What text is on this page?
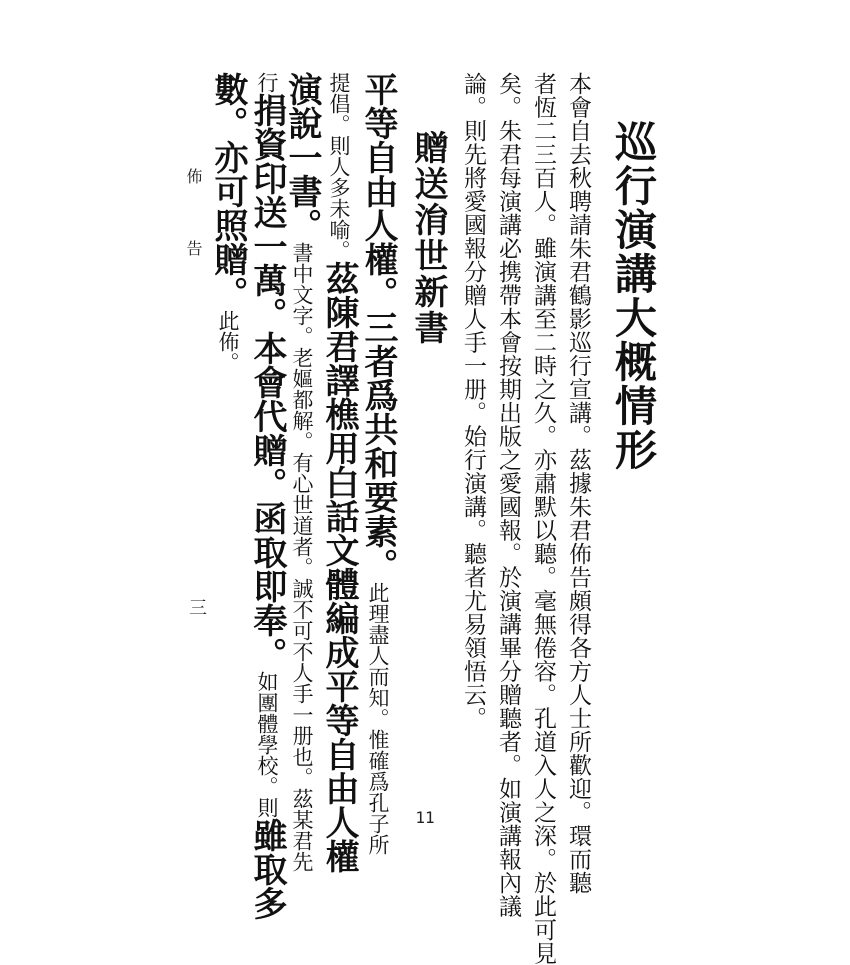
巡行演講大概情形
本會自去秋聘請朱君鶴影巡行宣講。茲據朱君佈告頗得各方人士所歡迎。環而聽
者恆二三百人。雖演講至二時之久。亦肅默以聽。毫無倦容。孔道入人之深。於此可見
矣。朱君每演講必携帶本會按期出版之愛國報。於演講畢分贈聽者。如演講報內議
論。則先將愛國報分贈人手一册。始行演講。聽者尤易領悟云。
贈送㳙世新書
平等自由人權。三者爲共和要素。此理盡人而知。惟確爲孔子所
提倡。則人多未喻。茲陳君譯樵用白話文體編成平等自由人權
演說一書。書中文字。老嫗都解。有心世道者。誠不可不人手一册也。茲某君先
行捐資印送一萬。本會代贈。函取即奉。如團體學校。則雖取多
數。亦可照贈。此佈。
佈　告
三
11
